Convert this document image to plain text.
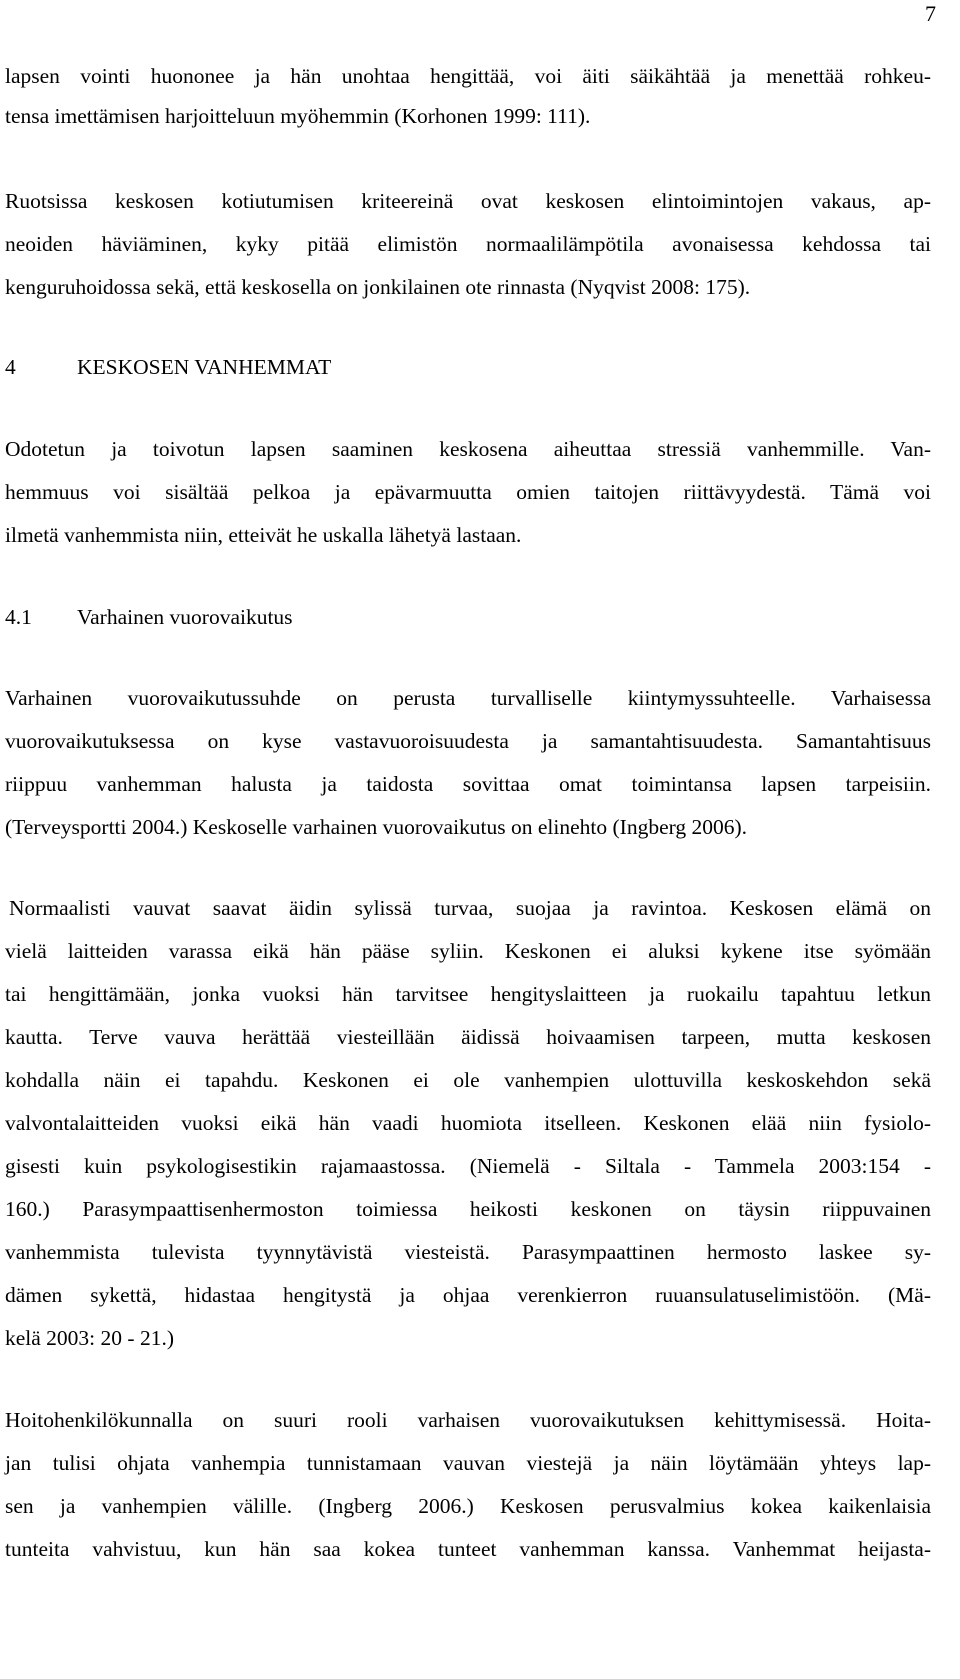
7
lapsen vointi huononee ja hän unohtaa hengittää, voi äiti säikähtää ja menettää rohkeu-
tensa imettämisen harjoitteluun myöhemmin (Korhonen 1999: 111).
Ruotsissa keskosen kotiutumisen kriteereinä ovat keskosen elintoimintojen vakaus, ap-
neoiden häviäminen, kyky pitää elimistön normaalilämpötila avonaisessa kehdossa tai
kenguruhoidossa sekä, että keskosella on jonkilainen ote rinnasta (Nyqvist 2008: 175).
4	KESKOSEN VANHEMMAT
Odotetun ja toivotun lapsen saaminen keskosena aiheuttaa stressiä vanhemmille. Van-
hemmuus voi sisältää pelkoa ja epävarmuutta omien taitojen riittävyydestä. Tämä voi
ilmetä vanhemmista niin, etteivät he uskalla lähetyä lastaan.
4.1 Varhainen vuorovaikutus
Varhainen vuorovaikutussuhde on perusta turvalliselle kiintymyssuhteelle. Varhaisessa
vuorovaikutuksessa on kyse vastavuoroisuudesta ja samantahtisuudesta. Samantahtisuus
riippuu vanhemman halusta ja taidosta sovittaa omat toimintansa lapsen tarpeisiin.
(Terveysportti 2004.) Keskoselle varhainen vuorovaikutus on elinehto (Ingberg 2006).
Normaalisti vauvat saavat äidin sylissä turvaa, suojaa ja ravintoa. Keskosen elämä on
vielä laitteiden varassa eikä hän pääse syliin. Keskonen ei aluksi kykene itse syömään
tai hengittämään, jonka vuoksi hän tarvitsee hengityslaitteen ja ruokailu tapahtuu letkun
kautta. Terve vauva herättää viesteillään äidissä hoivaamisen tarpeen, mutta keskosen
kohdalla näin ei tapahdu. Keskonen ei ole vanhempien ulottuvilla keskoskehdon sekä
valvontalaitteiden vuoksi eikä hän vaadi huomiota itselleen. Keskonen elää niin fysiolo-
gisesti kuin psykologisestikin rajamaastossa. (Niemelä - Siltala - Tammela 2003:154 -
160.) Parasympaattisenhermoston toimiessa heikosti keskonen on täysin riippuvainen
vanhemmista tulevista tyynnytävistä viesteistä. Parasympaattinen hermosto laskee sy-
dämen sykettä, hidastaa hengitystä ja ohjaa verenkierron ruuansulatuselimistöön. (Mä-
kelä 2003: 20 - 21.)
Hoitohenkilökunnalla on suuri rooli varhaisen vuorovaikutuksen kehittymisessä. Hoita-
jan tulisi ohjata vanhempia tunnistamaan vauvan viestejä ja näin löytämään yhteys lap-
sen ja vanhempien välille. (Ingberg 2006.) Keskosen perusvalmius kokea kaikenlaisia
tunteita vahvistuu, kun hän saa kokea tunteet vanhemman kanssa. Vanhemmat heijasta-
